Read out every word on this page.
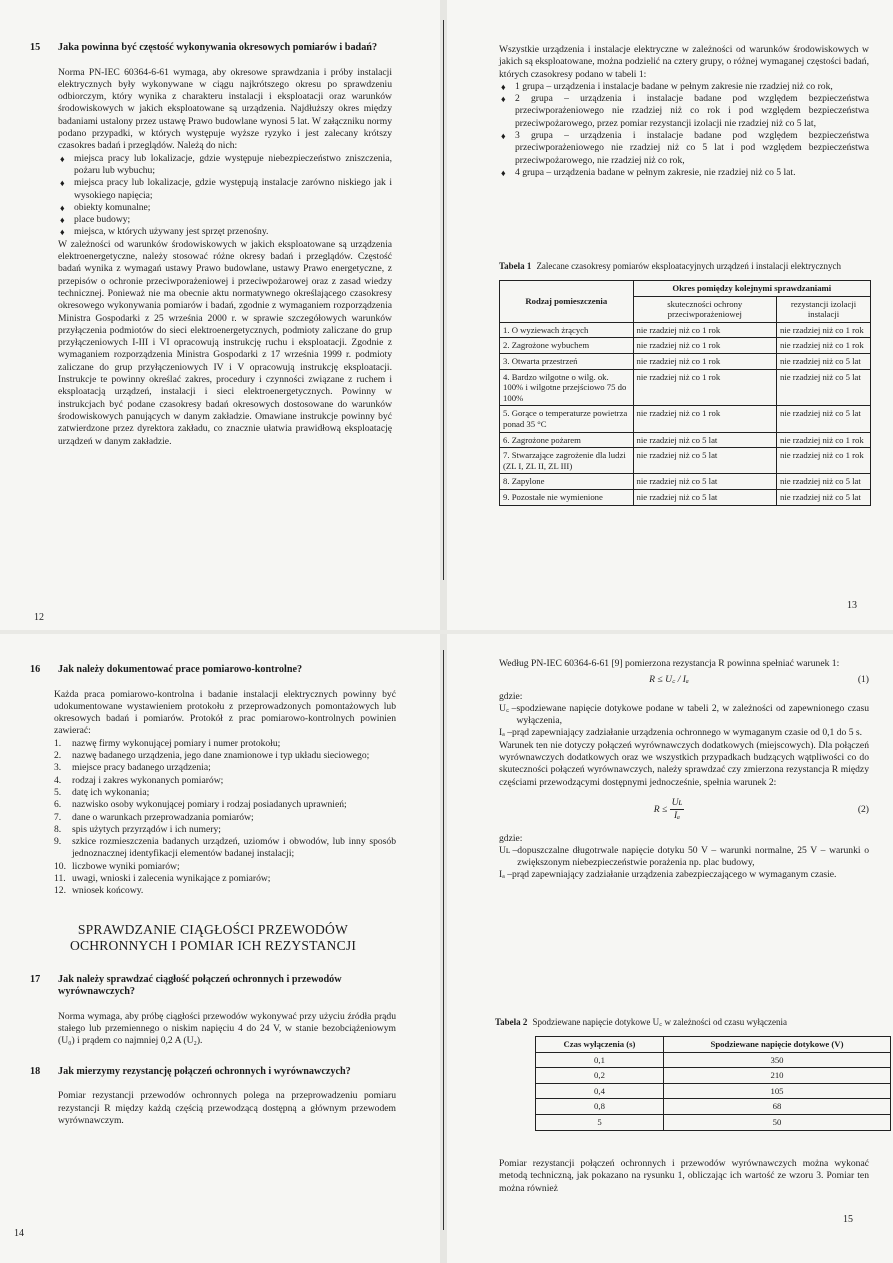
15	Jaka powinna być częstość wykonywania okresowych pomiarów i badań?

Norma PN-IEC 60364-6-61 wymaga, aby okresowe sprawdzania i próby instalacji elektrycznych były wykonywane w ciągu najkrótszego okresu po sprawdzeniu odbiorczym, który wynika z charakteru instalacji i eksploatacji oraz warunków środowiskowych w jakich eksploatowane są urządzenia. Najdłuższy okres między badaniami ustalony przez ustawę Prawo budowlane wynosi 5 lat. W załączniku normy podano przypadki, w których występuje wyższe ryzyko i jest zalecany krótszy czasokres badań i przeglądów. Należą do nich:

♦ miejsca pracy lub lokalizacje, gdzie występuje niebezpieczeństwo zniszczenia, pożaru lub wybuchu;
♦ miejsca pracy lub lokalizacje, gdzie występują instalacje zarówno niskiego jak i wysokiego napięcia;
♦ obiekty komunalne;
♦ place budowy;
♦ miejsca, w których używany jest sprzęt przenośny.

W zależności od warunków środowiskowych w jakich eksploatowane są urządzenia elektroenergetyczne, należy stosować różne okresy badań i przeglądów. Częstość badań wynika z wymagań ustawy Prawo budowlane, ustawy Prawo energetyczne, z przepisów o ochronie przeciwporażeniowej i przeciwpożarowej oraz z zasad wiedzy technicznej. Ponieważ nie ma obecnie aktu normatywnego określającego czasokresy okresowego wykonywania pomiarów i badań, zgodnie z wymaganiem rozporządzenia Ministra Gospodarki z 25 września 2000 r. w sprawie szczegółowych warunków przyłączenia podmiotów do sieci elektroenergetycznych, podmioty zaliczane do grup przyłączeniowych I-III i VI opracowują instrukcję ruchu i eksploatacji. Zgodnie z wymaganiem rozporządzenia Ministra Gospodarki z 17 września 1999 r. podmioty zaliczane do grup przyłączeniowych IV i V opracowują instrukcję eksploatacji. Instrukcje te powinny określać zakres, procedury i czynności związane z ruchem i eksploatacją urządzeń, instalacji i sieci elektroenergetycznych. Powinny w instrukcjach być podane czasokresy badań okresowych dostosowane do warunków środowiskowych panujących w danym zakładzie. Omawiane instrukcje powinny być zatwierdzone przez dyrektora zakładu, co znacznie ułatwia prawidłową eksploatację urządzeń w danym zakładzie.

12

Wszystkie urządzenia i instalacje elektryczne w zależności od warunków środowiskowych w jakich są eksploatowane, można podzielić na cztery grupy, o różnej wymaganej częstości badań, których czasokresy podano w tabeli 1:

♦ 1 grupa – urządzenia i instalacje badane w pełnym zakresie nie rzadziej niż co rok,
♦ 2 grupa – urządzenia i instalacje badane pod względem bezpieczeństwa przeciwporażeniowego nie rzadziej niż co rok i pod względem bezpieczeństwa przeciwpożarowego, przez pomiar rezystancji izolacji nie rzadziej niż co 5 lat,
♦ 3 grupa – urządzenia i instalacje badane pod względem bezpieczeństwa przeciwporażeniowego nie rzadziej niż co 5 lat i pod względem bezpieczeństwa przeciwpożarowego, nie rzadziej niż co rok,
♦ 4 grupa – urządzenia badane w pełnym zakresie, nie rzadziej niż co 5 lat.
Tabela 1 Zalecane czasokresy pomiarów eksploatacyjnych urządzeń i instalacji elektrycznych
Rodzaj pomieszczenia	Okres pomiędzy kolejnymi sprawdzaniami	
	skuteczności ochrony przeciwporażeniowej	rezystancji izolacji instalacji
1. O wyziewach żrących	nie rzadziej niż co 1 rok	nie rzadziej niż co 1 rok
2. Zagrożone wybuchem	nie rzadziej niż co 1 rok	nie rzadziej niż co 1 rok
3. Otwarta przestrzeń	nie rzadziej niż co 1 rok	nie rzadziej niż co 5 lat
4. Bardzo wilgotne o wilg. ok. 100% i wilgotne przejściowo 75 do 100%	nie rzadziej niż co 1 rok	nie rzadziej niż co 5 lat
5. Gorące o temperaturze powietrza ponad 35 °C	nie rzadziej niż co 1 rok	nie rzadziej niż co 5 lat
6. Zagrożone pożarem	nie rzadziej niż co 5 lat	nie rzadziej niż co 1 rok
7. Stwarzające zagrożenie dla ludzi (ZL I, ZL II, ZL III)	nie rzadziej niż co 5 lat	nie rzadziej niż co 1 rok
8. Zapylone	nie rzadziej niż co 5 lat	nie rzadziej niż co 5 lat
9. Pozostałe nie wymienione	nie rzadziej niż co 5 lat	nie rzadziej niż co 5 lat
13
16	Jak należy dokumentować prace pomiarowo-kontrolne?

Każda praca pomiarowo-kontrolna i badanie instalacji elektrycznych powinny być udokumentowane wystawieniem protokołu z przeprowadzonych pomontażowych lub okresowych badań i pomiarów. Protokół z prac pomiarowo-kontrolnych powinien zawierać:

1.	nazwę firmy wykonującej pomiary i numer protokołu;
2.	nazwę badanego urządzenia, jego dane znamionowe i typ układu sieciowego;
3.	miejsce pracy badanego urządzenia;
4.	rodzaj i zakres wykonanych pomiarów;
5.	datę ich wykonania;
6.	nazwisko osoby wykonującej pomiary i rodzaj posiadanych uprawnień;
7.	dane o warunkach przeprowadzania pomiarów;
8.	spis użytych przyrządów i ich numery;
9.	szkice rozmieszczenia badanych urządzeń, uziomów i obwodów, lub inny sposób jednoznacznej identyfikacji elementów badanej instalacji;
10. liczbowe wyniki pomiarów;
11. uwagi, wnioski i zalecenia wynikające z pomiarów;
12. wniosek końcowy.
SPRAWDZANIE CIĄGŁOŚCI PRZEWODÓW
OCHRONNYCH I POMIAR ICH REZYSTANCJI
17	Jak należy sprawdzać ciągłość połączeń ochronnych i przewodów wyrównawczych?

Norma wymaga, aby próbę ciągłości przewodów wykonywać przy użyciu źródła prądu stałego lub przemiennego o niskim napięciu 4 do 24 V, w stanie bezobciążeniowym (U₀) i prądem co najmniej 0,2 A (U₂).

18	Jak mierzymy rezystancję połączeń ochronnych i wyrównawczych?

Pomiar rezystancji przewodów ochronnych polega na przeprowadzeniu pomiaru rezystancji R między każdą częścią przewodzącą dostępną a głównym przewodem wyrównawczym.

14

Według PN-IEC 60364-6-61 [9] pomierzona rezystancja R powinna spełniać warunek 1:

R ≤ U꜀ / Iₐ	(1)

gdzie:

U꜀ – spodziewane napięcie dotykowe podane w tabeli 2, w zależności od zapewnionego czasu wyłączenia,
Iₐ – prąd zapewniający zadziałanie urządzenia ochronnego w wymaganym czasie od 0,1 do 5 s.

Warunek ten nie dotyczy połączeń wyrównawczych dodatkowych (miejscowych). Dla połączeń wyrównawczych dodatkowych oraz we wszystkich przypadkach budzących wątpliwości co do skuteczności połączeń wyrównawczych, należy sprawdzać czy zmierzona rezystancja R między częściami przewodzącymi dostępnymi jednocześnie, spełnia warunek 2:

$R \le \frac{\text{Uʟ}}{\text{Iₐ}}$	(2)

gdzie:

Uʟ – dopuszczalne długotrwale napięcie dotyku 50 V – warunki normalne, 25 V – warunki o zwiększonym niebezpieczeństwie porażenia np. plac budowy,
Iₐ – prąd zapewniający zadziałanie urządzenia zabezpieczającego w wymaganym czasie.
Tabela 2 Spodziewane napięcie dotykowe U꜀ w zależności od czasu wyłączenia
Czas wyłączenia (s)	Spodziewane napięcie dotykowe (V)
0,1	350
0,2	210
0,4	105
0,8	68
5	50

Pomiar rezystancji połączeń ochronnych i przewodów wyrównawczych można wykonać metodą techniczną, jak pokazano na rysunku 1, obliczając ich wartość ze wzoru 3. Pomiar ten można również

15
